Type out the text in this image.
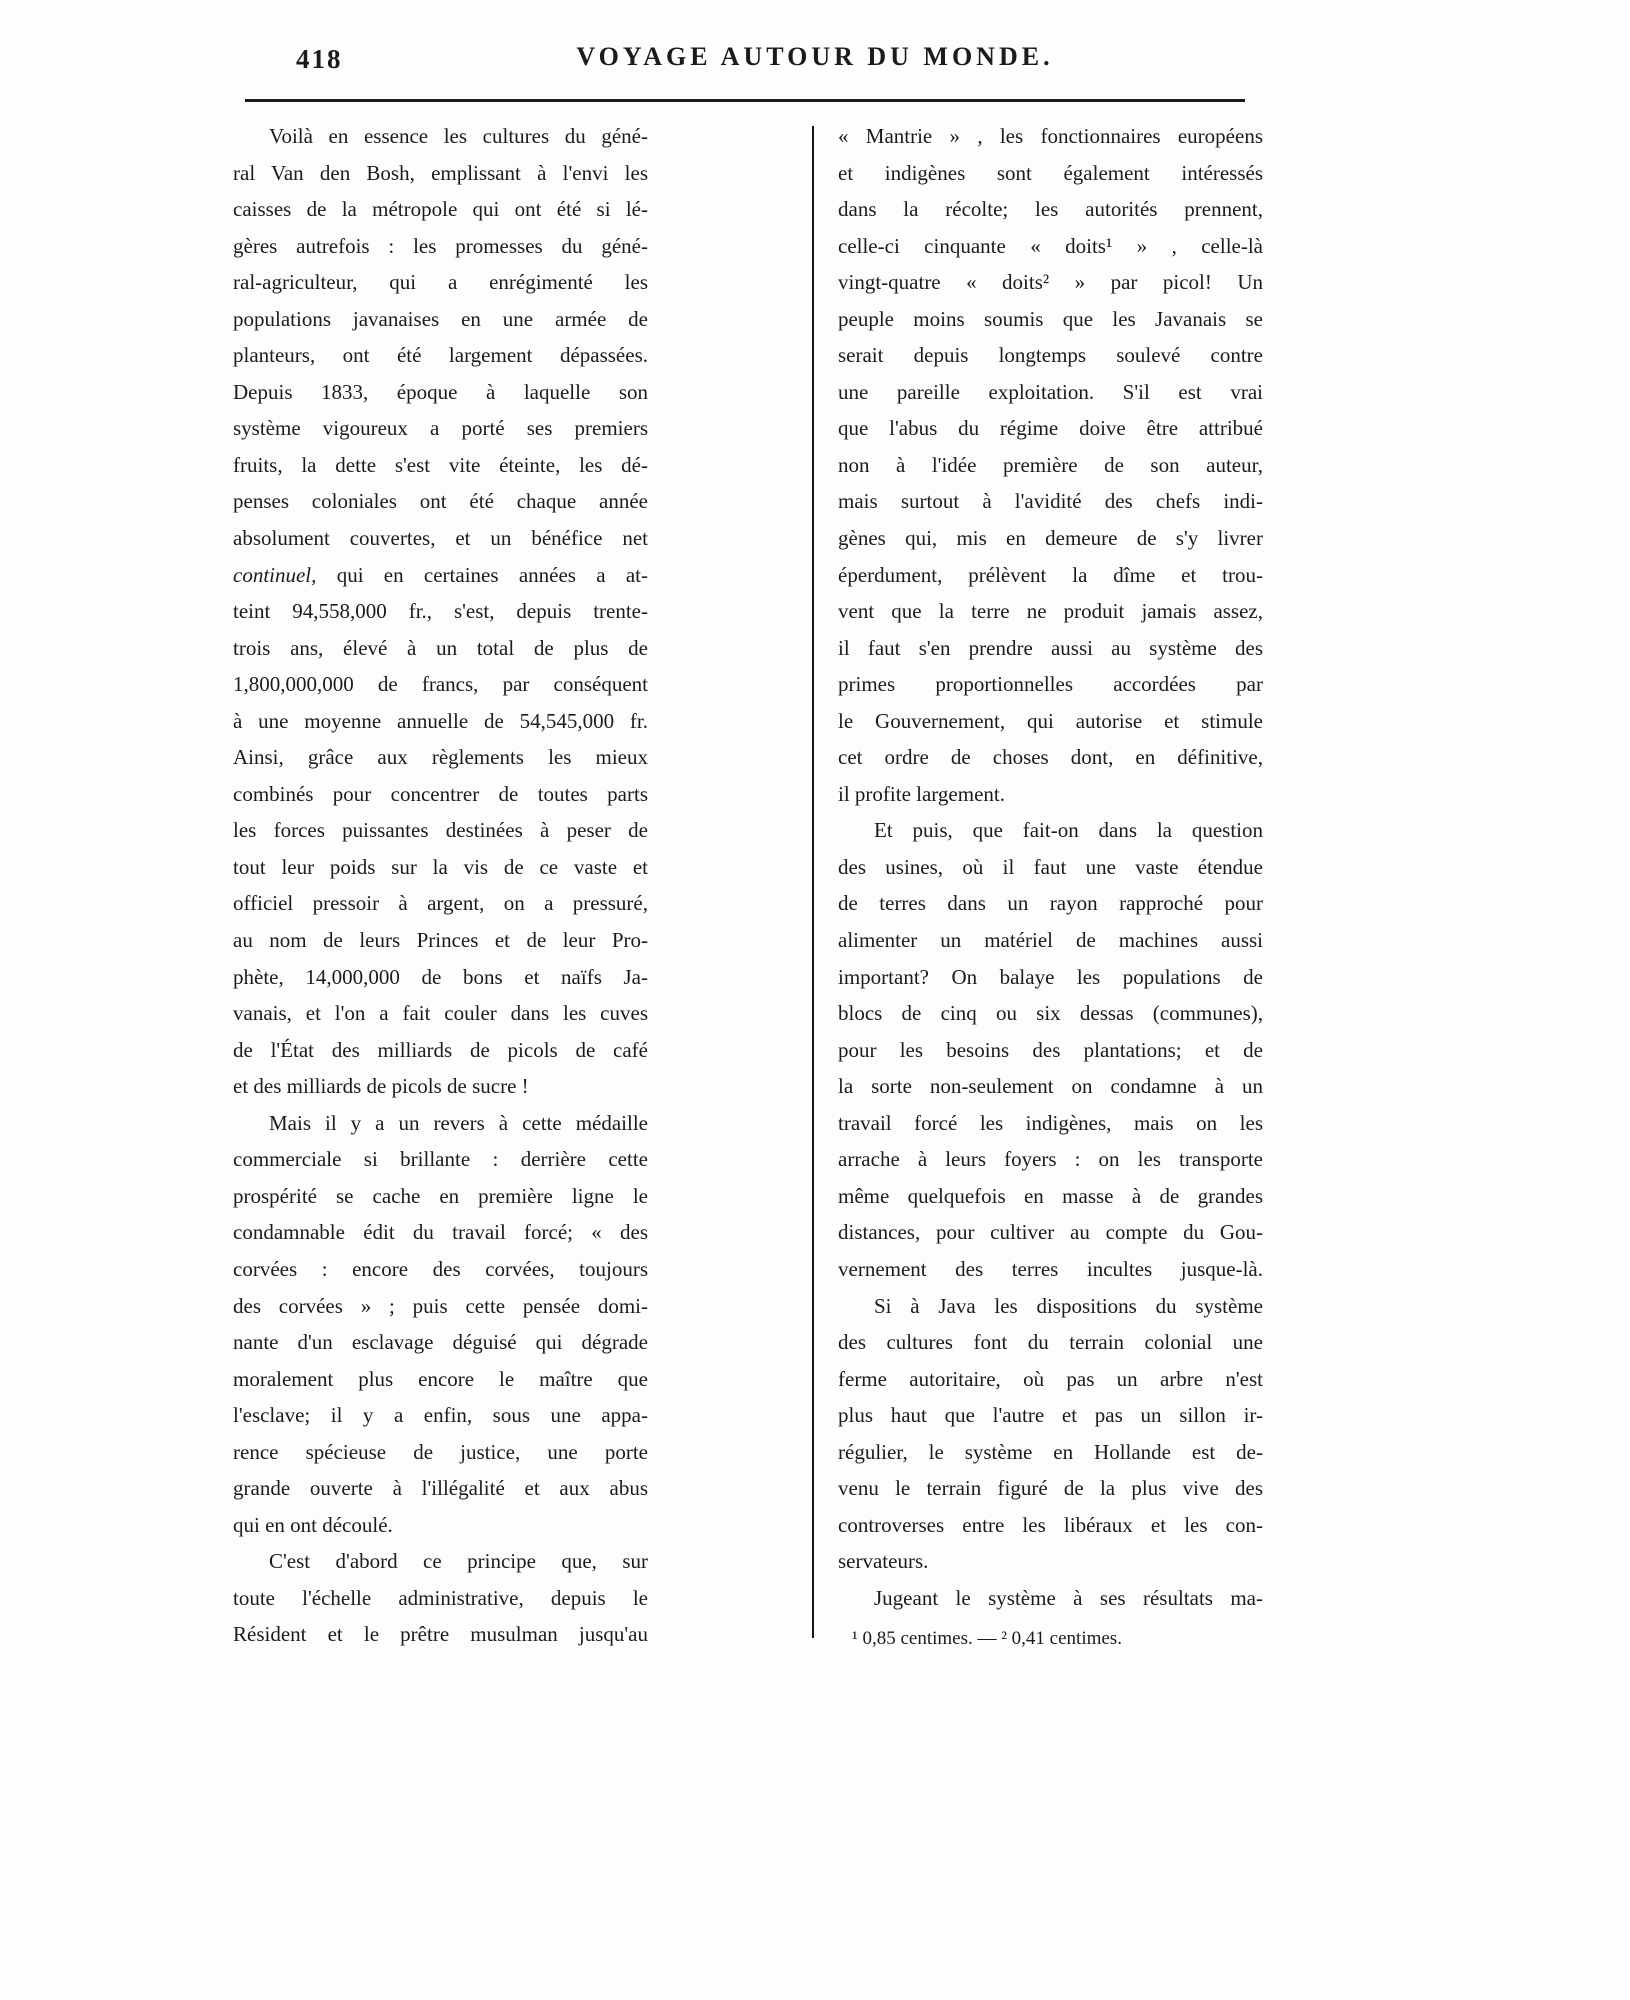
418	VOYAGE AUTOUR DU MONDE.
Voilà en essence les cultures du géné-
ral Van den Bosh, emplissant à l'envi les
caisses de la métropole qui ont été si lé-
gères autrefois : les promesses du géné-
ral-agriculteur, qui a enrégimenté les
populations javanaises en une armée de
planteurs, ont été largement dépassées.
Depuis 1833, époque à laquelle son
système vigoureux a porté ses premiers
fruits, la dette s'est vite éteinte, les dé-
penses coloniales ont été chaque année
absolument couvertes, et un bénéfice net
continuel, qui en certaines années a at-
teint 94,558,000 fr., s'est, depuis trente-
trois ans, élevé à un total de plus de
1,800,000,000 de francs, par conséquent
à une moyenne annuelle de 54,545,000 fr.
Ainsi, grâce aux règlements les mieux
combinés pour concentrer de toutes parts
les forces puissantes destinées à peser de
tout leur poids sur la vis de ce vaste et
officiel pressoir à argent, on a pressuré,
au nom de leurs Princes et de leur Pro-
phète, 14,000,000 de bons et naïfs Ja-
vanais, et l'on a fait couler dans les cuves
de l'État des milliards de picols de café
et des milliards de picols de sucre !
Mais il y a un revers à cette médaille
commerciale si brillante : derrière cette
prospérité se cache en première ligne le
condamnable édit du travail forcé; « des
corvées : encore des corvées, toujours
des corvées » ; puis cette pensée domi-
nante d'un esclavage déguisé qui dégrade
moralement plus encore le maître que
l'esclave; il y a enfin, sous une appa-
rence spécieuse de justice, une porte
grande ouverte à l'illégalité et aux abus
qui en ont découlé.
C'est d'abord ce principe que, sur
toute l'échelle administrative, depuis le
Résident et le prêtre musulman jusqu'au
« Mantrie » , les fonctionnaires européens
et indigènes sont également intéressés
dans la récolte; les autorités prennent,
celle-ci cinquante « doits¹ » , celle-là
vingt-quatre « doits² » par picol! Un
peuple moins soumis que les Javanais se
serait depuis longtemps soulevé contre
une pareille exploitation. S'il est vrai
que l'abus du régime doive être attribué
non à l'idée première de son auteur,
mais surtout à l'avidité des chefs indi-
gènes qui, mis en demeure de s'y livrer
éperdument, prélèvent la dîme et trou-
vent que la terre ne produit jamais assez,
il faut s'en prendre aussi au système des
primes proportionnelles accordées par
le Gouvernement, qui autorise et stimule
cet ordre de choses dont, en définitive,
il profite largement.
Et puis, que fait-on dans la question
des usines, où il faut une vaste étendue
de terres dans un rayon rapproché pour
alimenter un matériel de machines aussi
important? On balaye les populations de
blocs de cinq ou six dessas (communes),
pour les besoins des plantations; et de
la sorte non-seulement on condamne à un
travail forcé les indigènes, mais on les
arrache à leurs foyers : on les transporte
même quelquefois en masse à de grandes
distances, pour cultiver au compte du Gou-
vernement des terres incultes jusque-là.
Si à Java les dispositions du système
des cultures font du terrain colonial une
ferme autoritaire, où pas un arbre n'est
plus haut que l'autre et pas un sillon ir-
régulier, le système en Hollande est de-
venu le terrain figuré de la plus vive des
controverses entre les libéraux et les con-
servateurs.
Jugeant le système à ses résultats ma-
¹ 0,85 centimes. — ² 0,41 centimes.
